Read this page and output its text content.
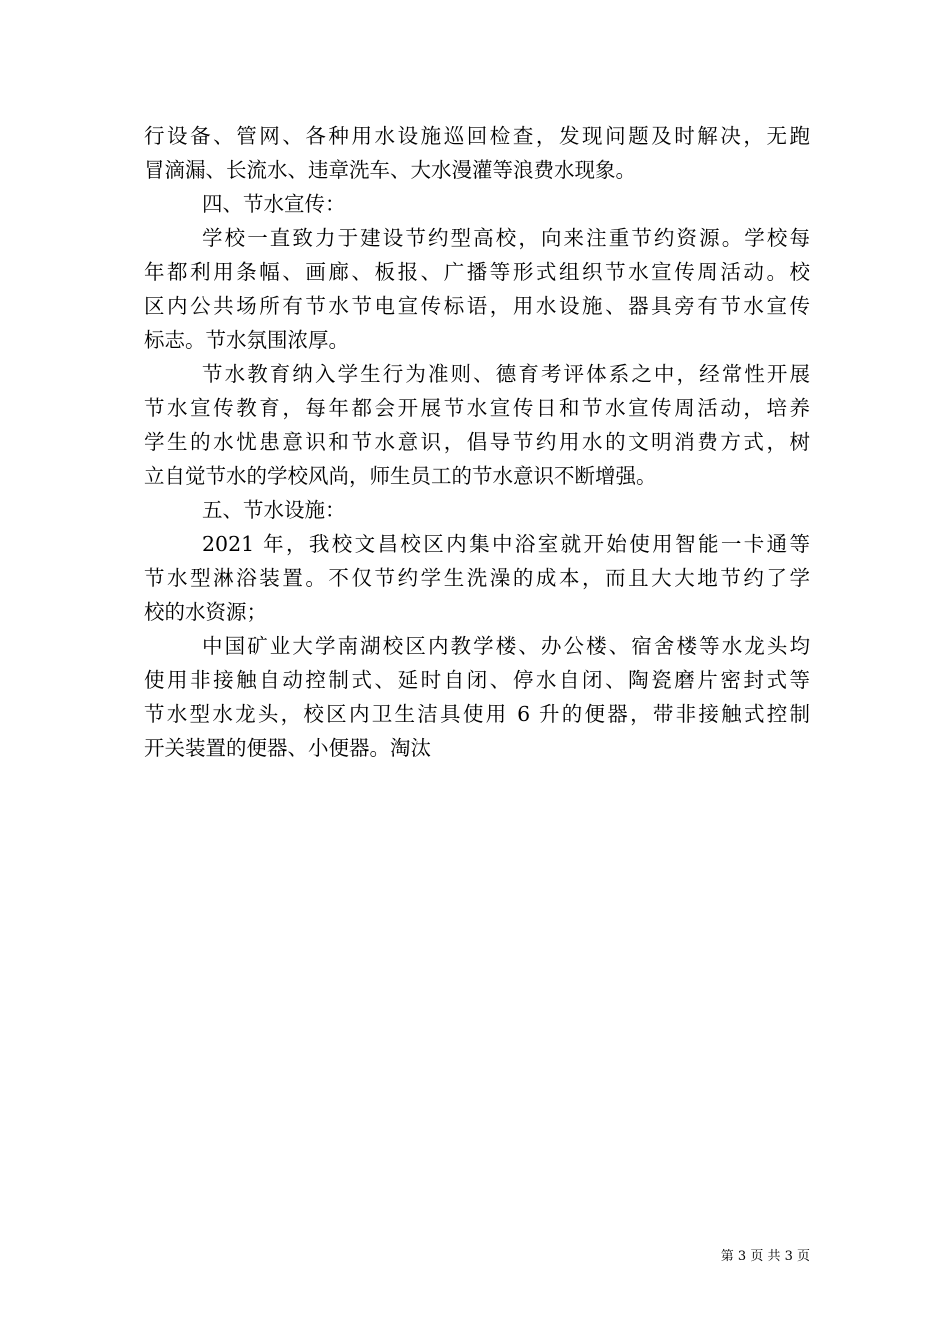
行设备、管网、各种用水设施巡回检查，发现问题及时解决，无跑
冒滴漏、长流水、违章洗车、大水漫灌等浪费水现象。
四、节水宣传：
学校一直致力于建设节约型高校，向来注重节约资源。学校每
年都利用条幅、画廊、板报、广播等形式组织节水宣传周活动。校
区内公共场所有节水节电宣传标语，用水设施、器具旁有节水宣传
标志。节水氛围浓厚。
节水教育纳入学生行为准则、德育考评体系之中，经常性开展
节水宣传教育，每年都会开展节水宣传日和节水宣传周活动，培养
学生的水忧患意识和节水意识，倡导节约用水的文明消费方式，树
立自觉节水的学校风尚，师生员工的节水意识不断增强。
五、节水设施：
2021 年，我校文昌校区内集中浴室就开始使用智能一卡通等
节水型淋浴装置。不仅节约学生洗澡的成本，而且大大地节约了学
校的水资源；
中国矿业大学南湖校区内教学楼、办公楼、宿舍楼等水龙头均
使用非接触自动控制式、延时自闭、停水自闭、陶瓷磨片密封式等
节水型水龙头，校区内卫生洁具使用 6 升的便器，带非接触式控制
开关装置的便器、小便器。淘汰
第 3 页 共 3 页
